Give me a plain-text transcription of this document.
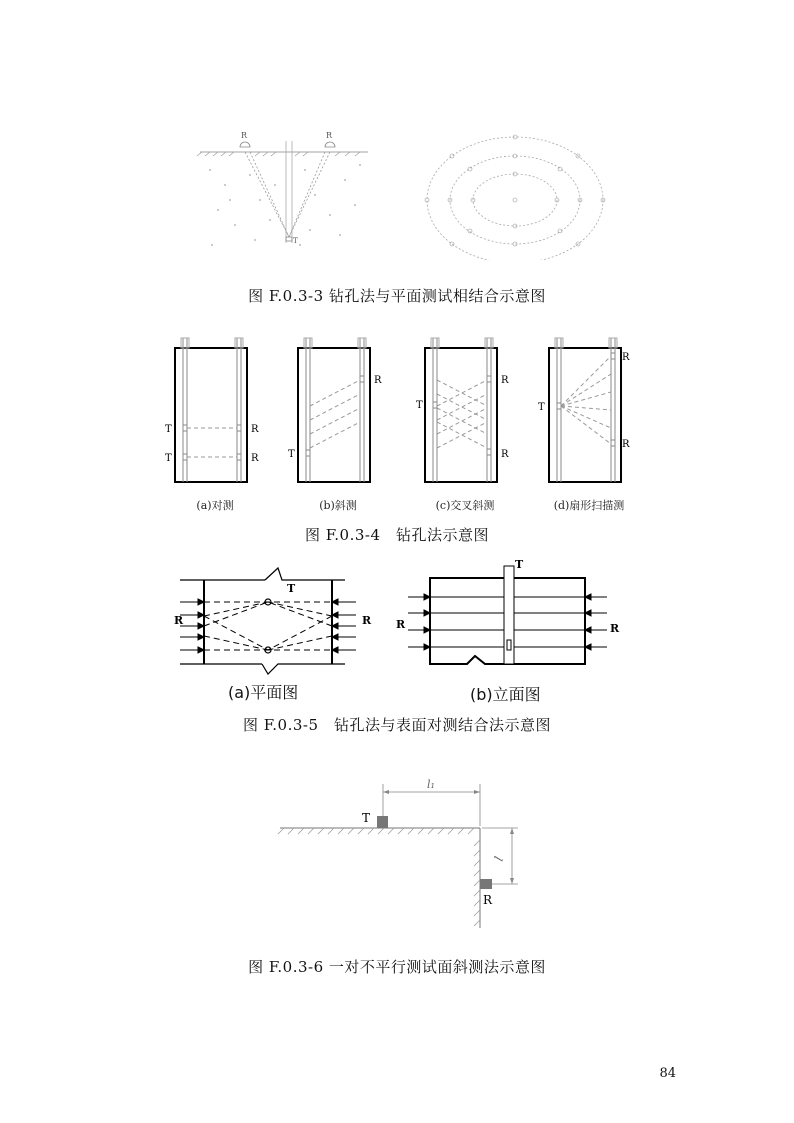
R	R
T
图 F.0.3-3 钻孔法与平面测试相结合示意图
T
T
R
R	T
R
T
R
R
T
R
R
(a)对测	(b)斜测	(c)交叉斜测	(d)扇形扫描测
图 F.0.3-4　钻孔法示意图
T
R	R
T
R	R
(a)平面图	(b)立面图
图 F.0.3-5　钻孔法与表面对测结合法示意图
T
R
l₁
l
图 F.0.3-6 一对不平行测试面斜测法示意图
84
